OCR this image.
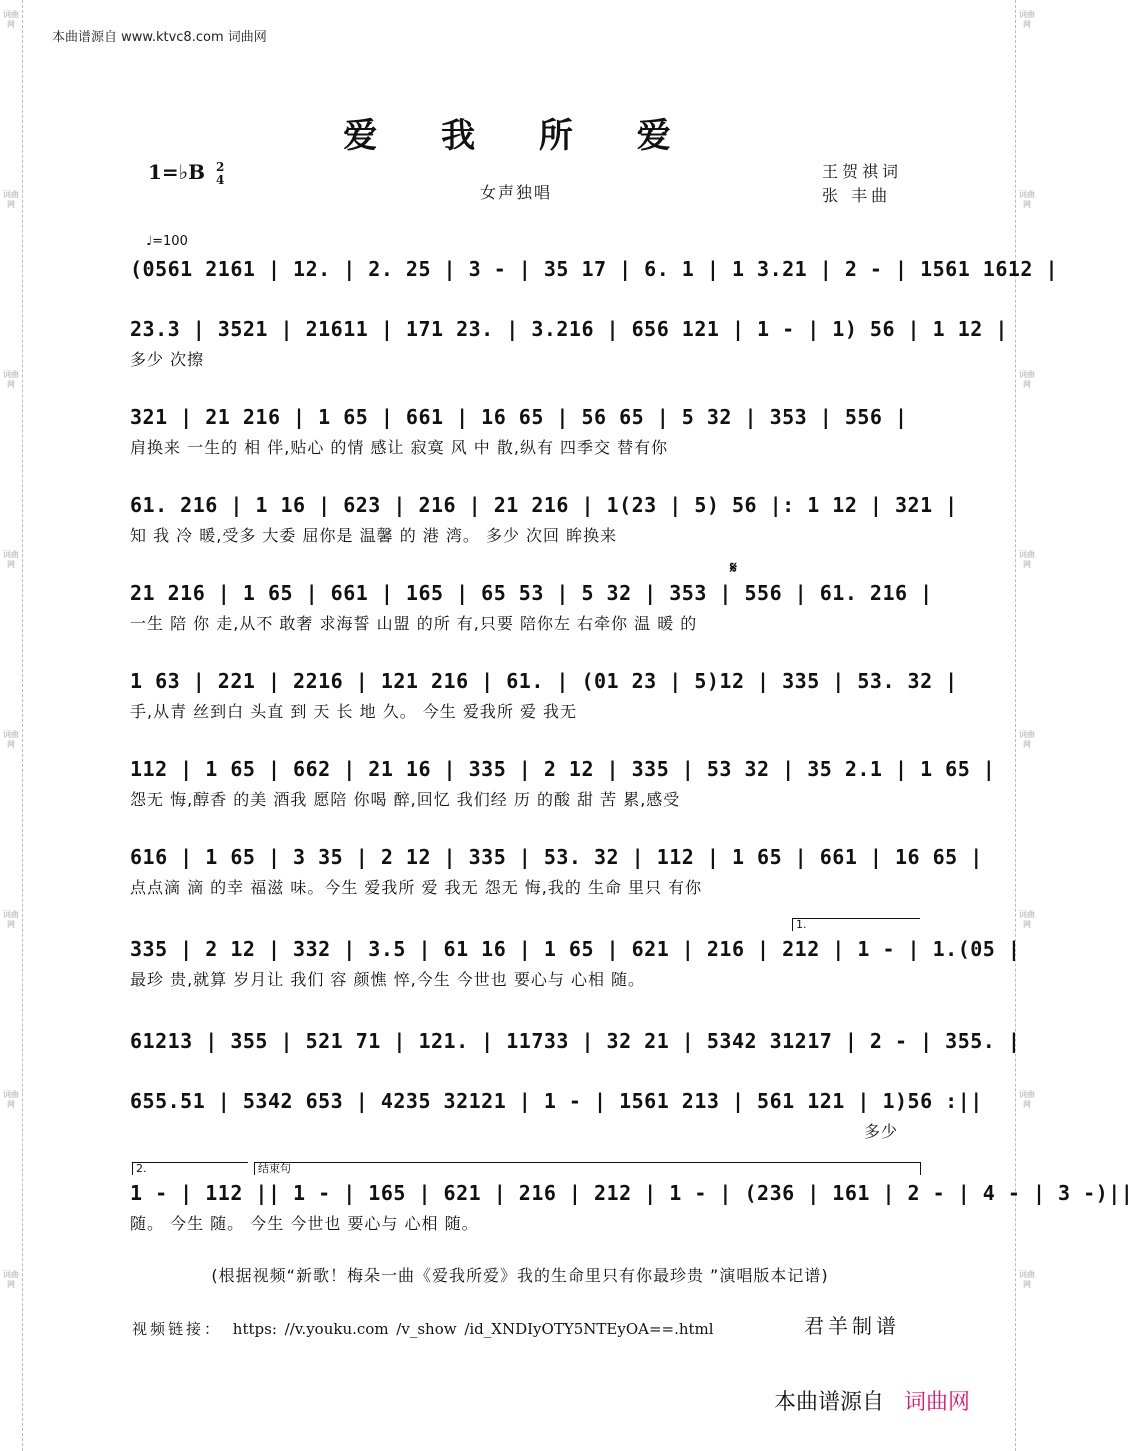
词曲网
词曲网
词曲网
词曲网
词曲网
词曲网
词曲网
词曲网
词曲网
词曲网
词曲网
词曲网
词曲网
词曲网
词曲网
词曲网
本曲谱源自 www.ktvc8.com 词曲网
爱 我 所 爱
1=♭B 2
4
女声独唱
王贺祺词
张 丰曲
♩=100
(0561 2161 | 12. | 2. 25 | 3 - | 35 17 | 6. 1 | 1 3.21 | 2 - | 1561 1612 |
23.3 | 3521 | 21611 | 171 23. | 3.216 | 656 121 | 1 - | 1) 56 | 1 12 |
多少 次擦
321 | 21 216 | 1 65 | 661 | 16 65 | 56 65 | 5 32 | 353 | 556 |
肩换来 一生的 相 伴,贴心 的情 感让 寂寞 风 中 散,纵有 四季交 替有你
61. 216 | 1 16 | 623 | 216 | 21 216 | 1(23 | 5) 56 |: 1 12 | 321 |
知 我 冷 暖,受多 大委 屈你是 温馨 的 港 湾。 多少 次回 眸换来
21 216 | 1 65 | 661 | 165 | 65 53 | 5 32 | 353 | 556 | 61. 216 |
一生 陪 你 走,从不 敢奢 求海誓 山盟 的所 有,只要 陪你左 右牵你 温 暖 的
𝄋
1 63 | 221 | 2216 | 121 216 | 61. | (01 23 | 5)12 | 335 | 53. 32 |
手,从青 丝到白 头直 到 天 长 地 久。 今生 爱我所 爱 我无
112 | 1 65 | 662 | 21 16 | 335 | 2 12 | 335 | 53 32 | 35 2.1 | 1 65 |
怨无 悔,醇香 的美 酒我 愿陪 你喝 醉,回忆 我们经 历 的酸 甜 苦 累,感受
616 | 1 65 | 3 35 | 2 12 | 335 | 53. 32 | 112 | 1 65 | 661 | 16 65 |
点点滴 滴 的幸 福滋 味。今生 爱我所 爱 我无 怨无 悔,我的 生命 里只 有你
1.
335 | 2 12 | 332 | 3.5 | 61 16 | 1 65 | 621 | 216 | 212 | 1 - | 1.(05 |
最珍 贵,就算 岁月让 我们 容 颜憔 悴,今生 今世也 要心与 心相 随。
61213 | 355 | 521 71 | 121. | 11733 | 32 21 | 5342 31217 | 2 - | 355. |
655.51 | 5342 653 | 4235 32121 | 1 - | 1561 213 | 561 121 | 1)56 :||
多少
2.	结束句
1 - | 112 || 1 - | 165 | 621 | 216 | 212 | 1 - | (236 | 161 | 2 - | 4 - | 3 -)||
随。 今生 随。 今生 今世也 要心与 心相 随。
(根据视频“新歌！梅朵一曲《爱我所爱》我的生命里只有你最珍贵 ”演唱版本记谱)
视频链接： https: //v.youku.com /v_show /id_XNDIyOTY5NTEyOA==.html	君羊制谱
本曲谱源自 词曲网
